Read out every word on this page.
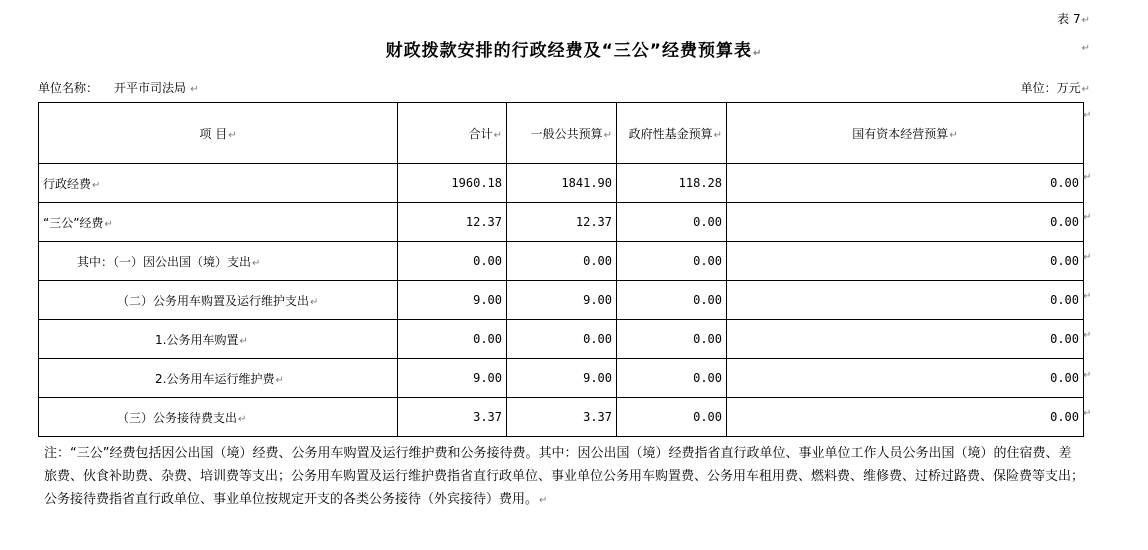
表 7↵
↵
财政拨款安排的行政经费及“三公”经费预算表↵
单位名称： 开平市司法局 ↵	单位：万元↵
项 目↵	合计↵	一般公共预算↵	政府性基金预算↵	国有资本经营预算↵
行政经费↵	1960.18	1841.90	118.28	0.00
“三公”经费↵	12.37	12.37	0.00	0.00
其中：（一）因公出国（境）支出↵	0.00	0.00	0.00	0.00
（二）公务用车购置及运行维护支出↵	9.00	9.00	0.00	0.00
1.公务用车购置↵	0.00	0.00	0.00	0.00
2.公务用车运行维护费↵	9.00	9.00	0.00	0.00
（三）公务接待费支出↵	3.37	3.37	0.00	0.00
↵
↵
↵
↵
↵
↵
↵
↵
注：“三公”经费包括因公出国（境）经费、公务用车购置及运行维护费和公务接待费。其中：因公出国（境）经费指省直行政单位、事业单位工作人员公务出国（境）的住宿费、差旅费、伙食补助费、杂费、培训费等支出；公务用车购置及运行维护费指省直行政单位、事业单位公务用车购置费、公务用车租用费、燃料费、维修费、过桥过路费、保险费等支出；公务接待费指省直行政单位、事业单位按规定开支的各类公务接待（外宾接待）费用。↵
